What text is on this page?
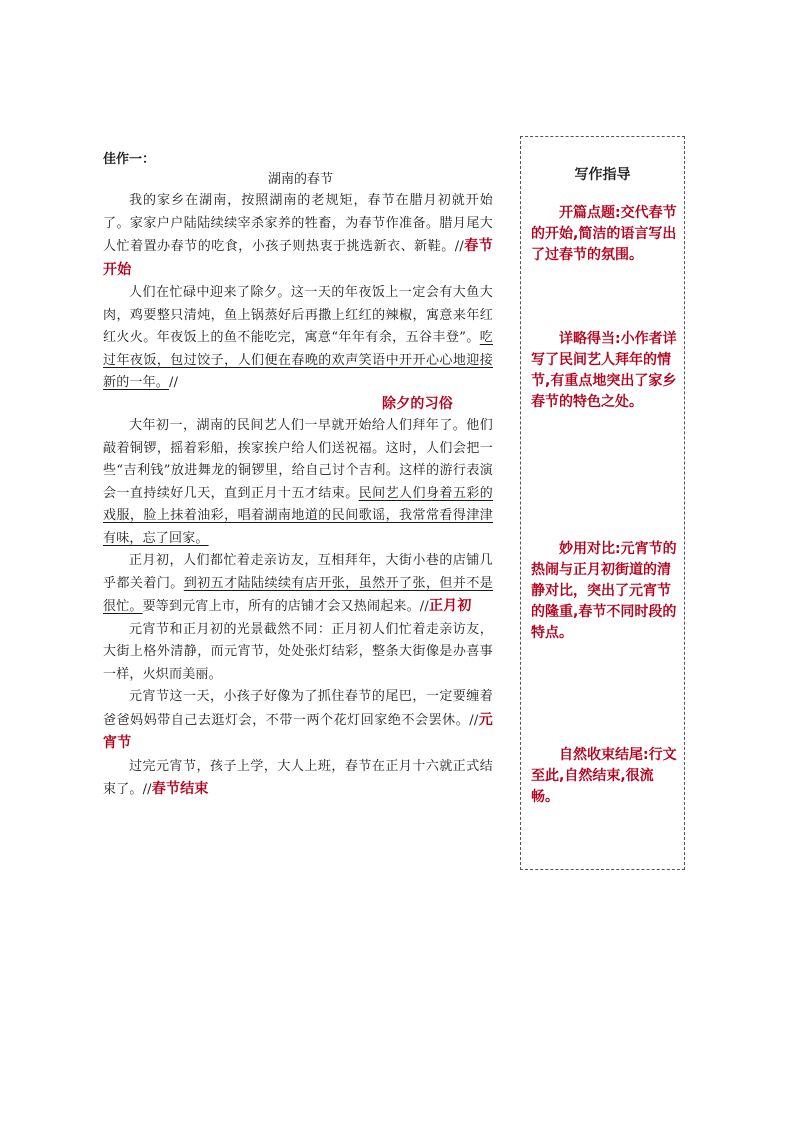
佳作一：
湖南的春节

我的家乡在湖南，按照湖南的老规矩，春节在腊月初就开始了。家家户户陆陆续续宰杀家养的牲畜，为春节作准备。腊月尾大人忙着置办春节的吃食，小孩子则热衷于挑选新衣、新鞋。//春节开始

人们在忙碌中迎来了除夕。这一天的年夜饭上一定会有大鱼大肉，鸡要整只清炖，鱼上锅蒸好后再撒上红红的辣椒，寓意来年红红火火。年夜饭上的鱼不能吃完，寓意“年年有余，五谷丰登”。吃过年夜饭，包过饺子，人们便在春晚的欢声笑语中开开心心地迎接新的一年。//
除夕的习俗

大年初一，湖南的民间艺人们一早就开始给人们拜年了。他们敲着铜锣，摇着彩船，挨家挨户给人们送祝福。这时，人们会把一些“吉利钱”放进舞龙的铜锣里，给自己讨个吉利。这样的游行表演会一直持续好几天，直到正月十五才结束。民间艺人们身着五彩的戏服，脸上抹着油彩，唱着湖南地道的民间歌谣，我常常看得津津有味，忘了回家。

正月初，人们都忙着走亲访友，互相拜年，大街小巷的店铺几乎都关着门。到初五才陆陆续续有店开张，虽然开了张，但并不是很忙。要等到元宵上市，所有的店铺才会又热闹起来。//正月初

元宵节和正月初的光景截然不同：正月初人们忙着走亲访友，大街上格外清静，而元宵节，处处张灯结彩，整条大街像是办喜事一样，火炽而美丽。

元宵节这一天，小孩子好像为了抓住春节的尾巴，一定要缠着爸爸妈妈带自己去逛灯会，不带一两个花灯回家绝不会罢休。//元宵节

过完元宵节，孩子上学，大人上班，春节在正月十六就正式结束了。//春节结束

写作指导
开篇点题:交代春节的开始,简洁的语言写出了过春节的氛围。
详略得当:小作者详写了民间艺人拜年的情节,有重点地突出了家乡春节的特色之处。
妙用对比:元宵节的热闹与正月初街道的清静对比，突出了元宵节的隆重,春节不同时段的特点。
自然收束结尾:行文至此,自然结束,很流畅。
